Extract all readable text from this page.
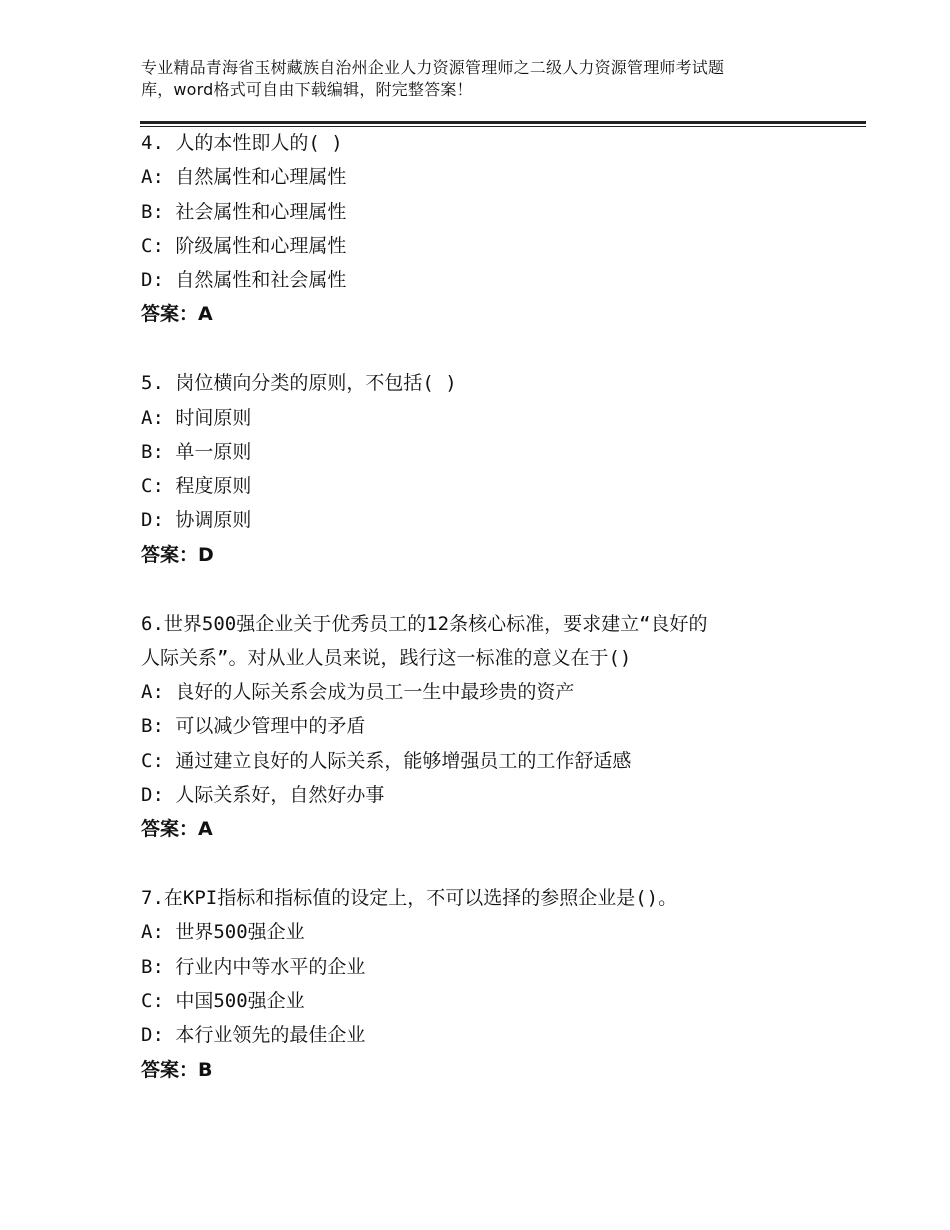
专业精品青海省玉树藏族自治州企业人力资源管理师之二级人力资源管理师考试题
库，word格式可自由下载编辑，附完整答案！
4. 人的本性即人的( )
A: 自然属性和心理属性
B: 社会属性和心理属性
C: 阶级属性和心理属性
D: 自然属性和社会属性
答案：A
5. 岗位横向分类的原则，不包括( )
A: 时间原则
B: 单一原则
C: 程度原则
D: 协调原则
答案：D
6.世界500强企业关于优秀员工的12条核心标准，要求建立“良好的
人际关系”。对从业人员来说，践行这一标准的意义在于()
A: 良好的人际关系会成为员工一生中最珍贵的资产
B: 可以减少管理中的矛盾
C: 通过建立良好的人际关系，能够增强员工的工作舒适感
D: 人际关系好，自然好办事
答案：A
7.在KPI指标和指标值的设定上，不可以选择的参照企业是()。
A: 世界500强企业
B: 行业内中等水平的企业
C: 中国500强企业
D: 本行业领先的最佳企业
答案：B
